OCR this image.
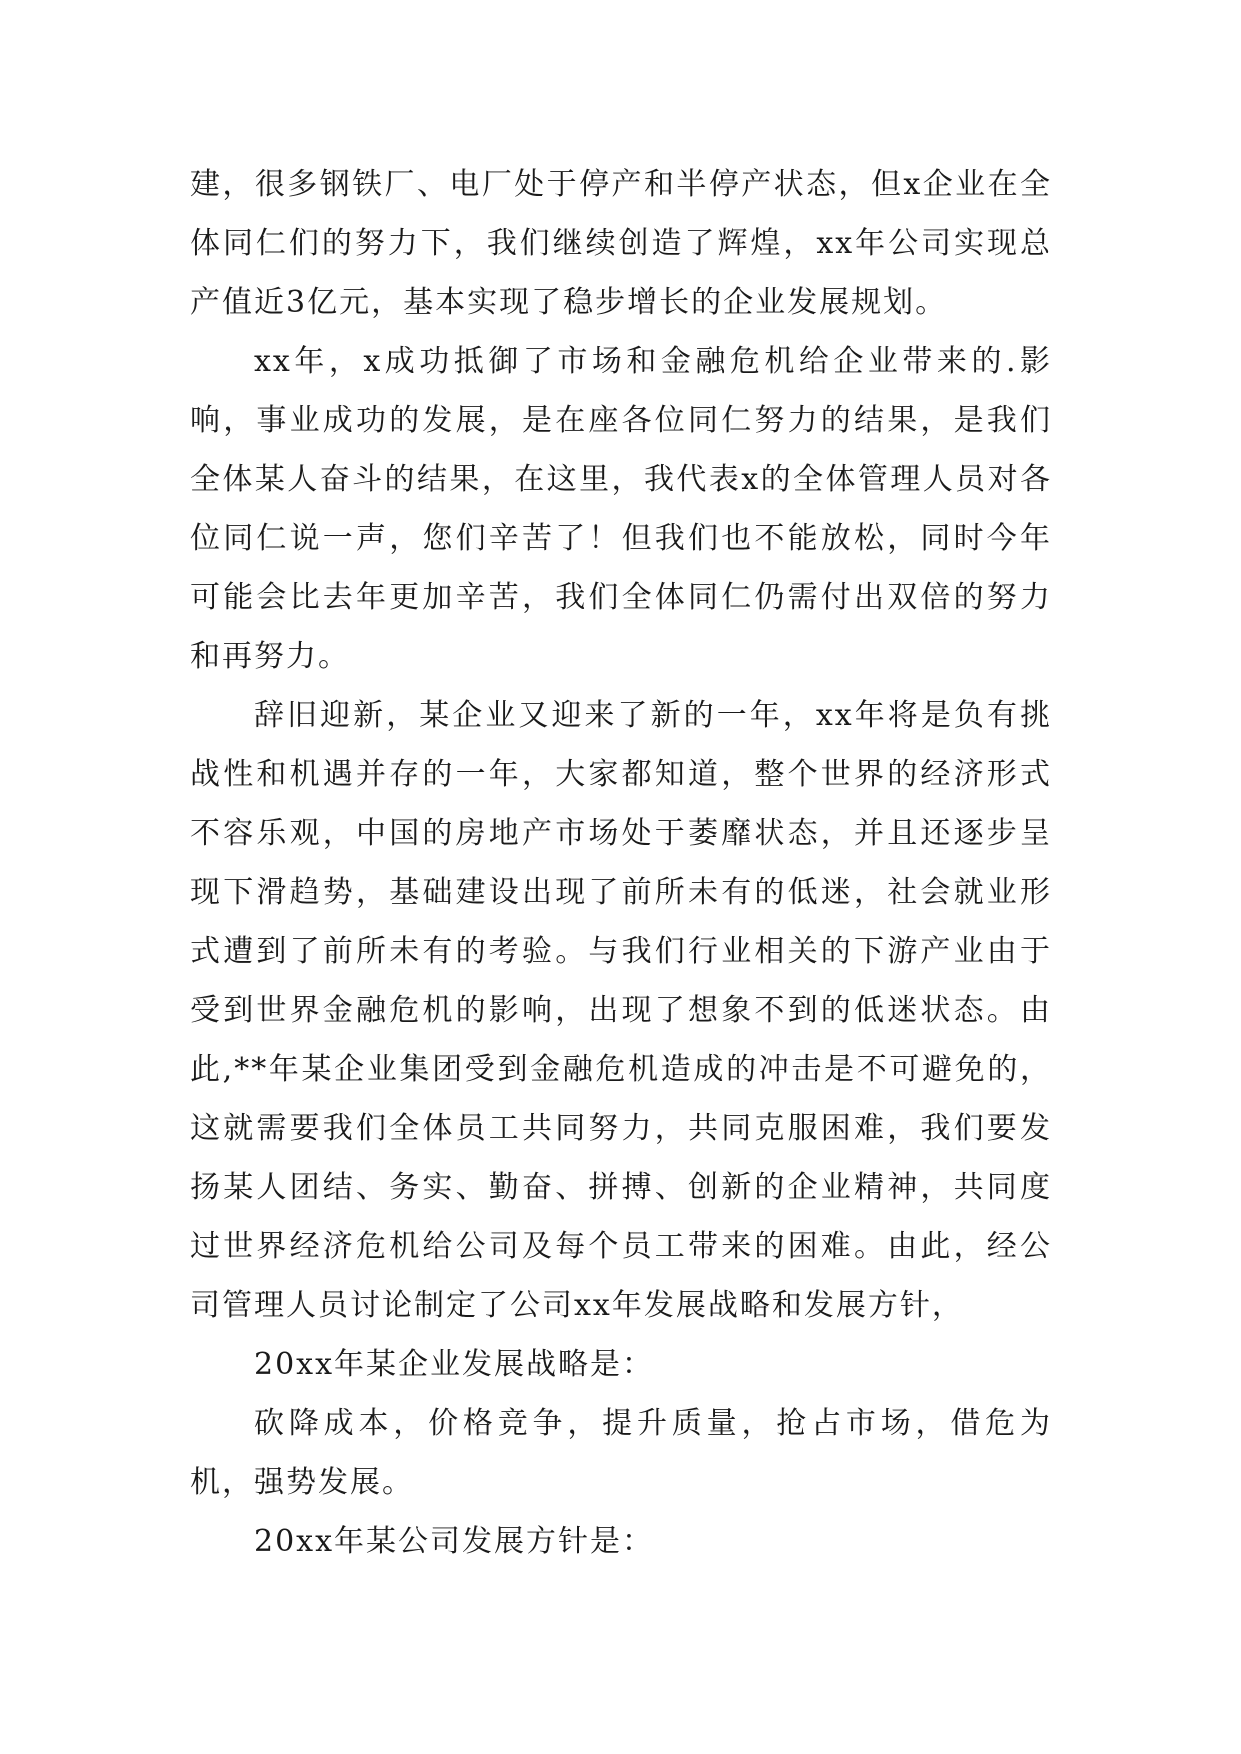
建，很多钢铁厂、电厂处于停产和半停产状态，但x企业在全体同仁们的努力下，我们继续创造了辉煌，xx年公司实现总产值近3亿元，基本实现了稳步增长的企业发展规划。

xx年，x成功抵御了市场和金融危机给企业带来的.影响，事业成功的发展，是在座各位同仁努力的结果，是我们全体某人奋斗的结果，在这里，我代表x的全体管理人员对各位同仁说一声，您们辛苦了！但我们也不能放松，同时今年可能会比去年更加辛苦，我们全体同仁仍需付出双倍的努力和再努力。

辞旧迎新，某企业又迎来了新的一年，xx年将是负有挑战性和机遇并存的一年，大家都知道，整个世界的经济形式不容乐观，中国的房地产市场处于萎靡状态，并且还逐步呈现下滑趋势，基础建设出现了前所未有的低迷，社会就业形式遭到了前所未有的考验。与我们行业相关的下游产业由于受到世界金融危机的影响，出现了想象不到的低迷状态。由此,**年某企业集团受到金融危机造成的冲击是不可避免的，这就需要我们全体员工共同努力，共同克服困难，我们要发扬某人团结、务实、勤奋、拼搏、创新的企业精神，共同度过世界经济危机给公司及每个员工带来的困难。由此，经公司管理人员讨论制定了公司xx年发展战略和发展方针，

20xx年某企业发展战略是：

砍降成本，价格竞争，提升质量，抢占市场，借危为机，强势发展。

20xx年某公司发展方针是：
